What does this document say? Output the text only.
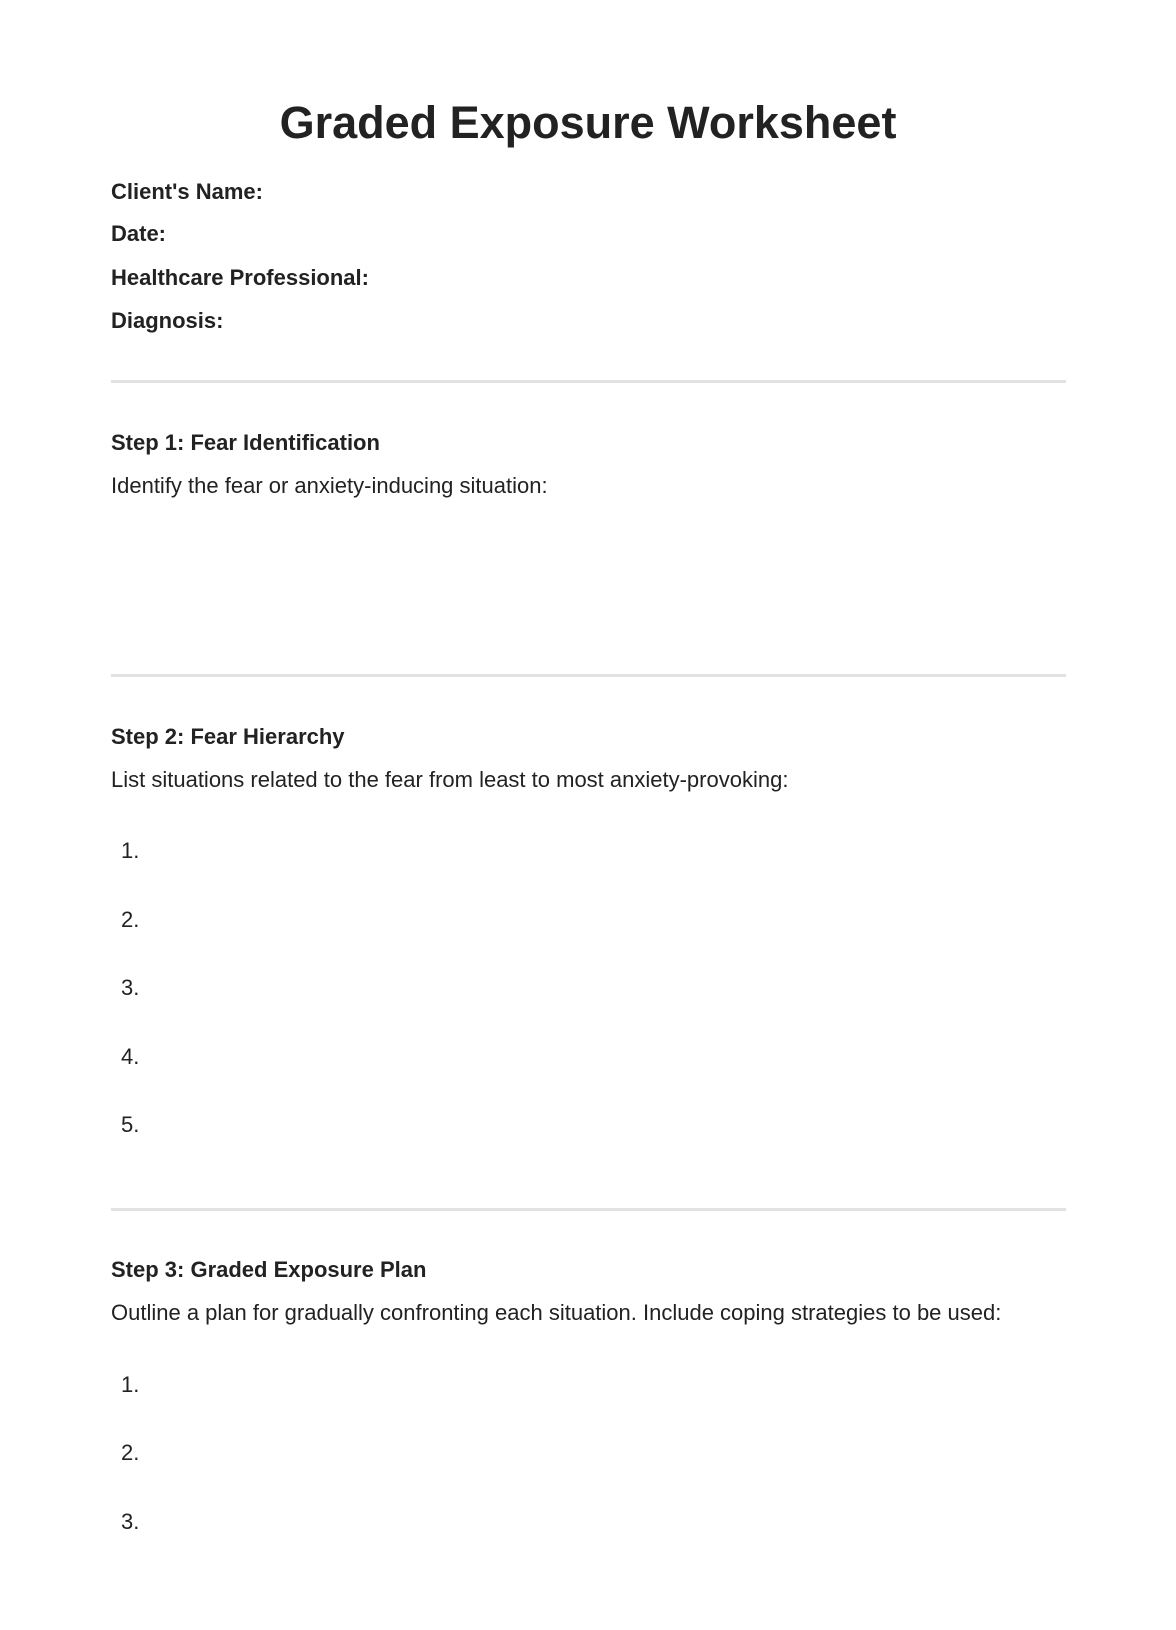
Graded Exposure Worksheet

Client's Name:

Date:

Healthcare Professional:

Diagnosis:

Step 1: Fear Identification

Identify the fear or anxiety-inducing situation:

Step 2: Fear Hierarchy

List situations related to the fear from least to most anxiety-provoking:

1.

2.

3.

4.

5.

Step 3: Graded Exposure Plan

Outline a plan for gradually confronting each situation. Include coping strategies to be used:

1.

2.

3.
